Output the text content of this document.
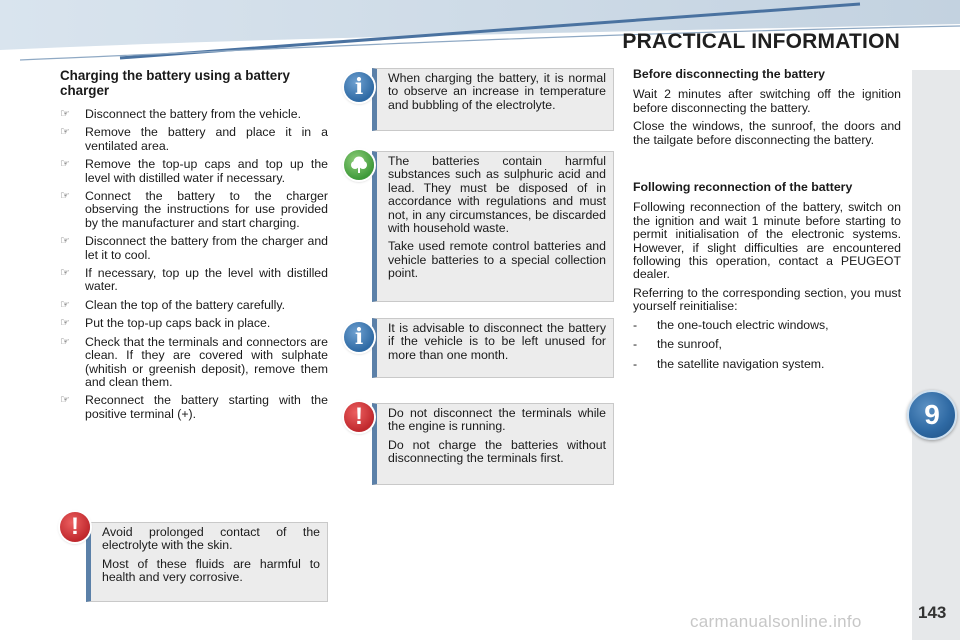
PRACTICAL INFORMATION
9
143
carmanualsonline.info
Charging the battery using a battery charger
☞ Disconnect the battery from the vehicle.
☞ Remove the battery and place it in a ventilated area.
☞ Remove the top-up caps and top up the level with distilled water if necessary.
☞ Connect the battery to the charger observing the instructions for use provided by the manufacturer and start charging.
☞ Disconnect the battery from the charger and let it to cool.
☞ If necessary, top up the level with distilled water.
☞ Clean the top of the battery carefully.
☞ Put the top-up caps back in place.
☞ Check that the terminals and connectors are clean. If they are covered with sulphate (whitish or greenish deposit), remove them and clean them.
☞ Reconnect the battery starting with the positive terminal (+).

When charging the battery, it is normal to observe an increase in temperature and bubbling of the electrolyte.

i

The batteries contain harmful substances such as sulphuric acid and lead. They must be disposed of in accordance with regulations and must not, in any circumstances, be discarded with household waste.

Take used remote control batteries and vehicle batteries to a special collection point.

It is advisable to disconnect the battery if the vehicle is to be left unused for more than one month.

i

Do not disconnect the terminals while the engine is running.

Do not charge the batteries without disconnecting the terminals first.

!

Avoid prolonged contact of the electrolyte with the skin.

Most of these fluids are harmful to health and very corrosive.

!
Before disconnecting the battery

Wait 2 minutes after switching off the ignition before disconnecting the battery.

Close the windows, the sunroof, the doors and the tailgate before disconnecting the battery.

Following reconnection of the battery

Following reconnection of the battery, switch on the ignition and wait 1 minute before starting to permit initialisation of the electronic systems. However, if slight difficulties are encountered following this operation, contact a PEUGEOT dealer.

Referring to the corresponding section, you must yourself reinitialise:

- the one-touch electric windows,
- the sunroof,
- the satellite navigation system.
